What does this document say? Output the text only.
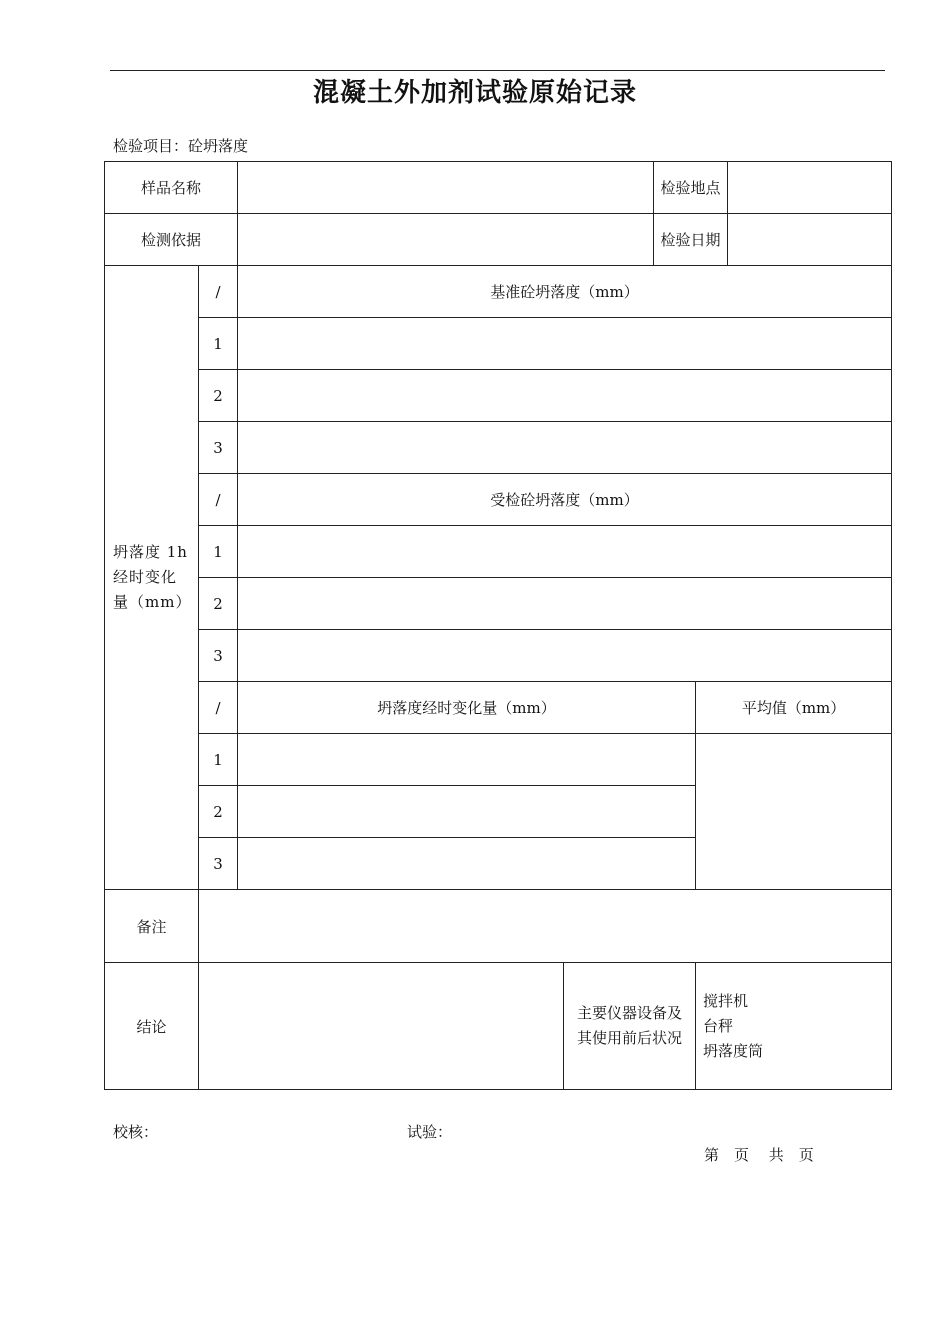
混凝土外加剂试验原始记录
检验项目：砼坍落度
样品名称				检验地点		
检测依据				检验日期		
坍落度 1h 经时变化量（mm）	/	基准砼坍落度（mm）				
	1					
	2					
	3					
	/	受检砼坍落度（mm）				
	1					
	2					
	3					
	/	坍落度经时变化量（mm）			平均值（mm）	
	1					
	2					
	3					
备注						
结论			主要仪器设备及其使用前后状况		搅拌机
台秤
坍落度筒	
校核：	试验：
第　页　 共　页
